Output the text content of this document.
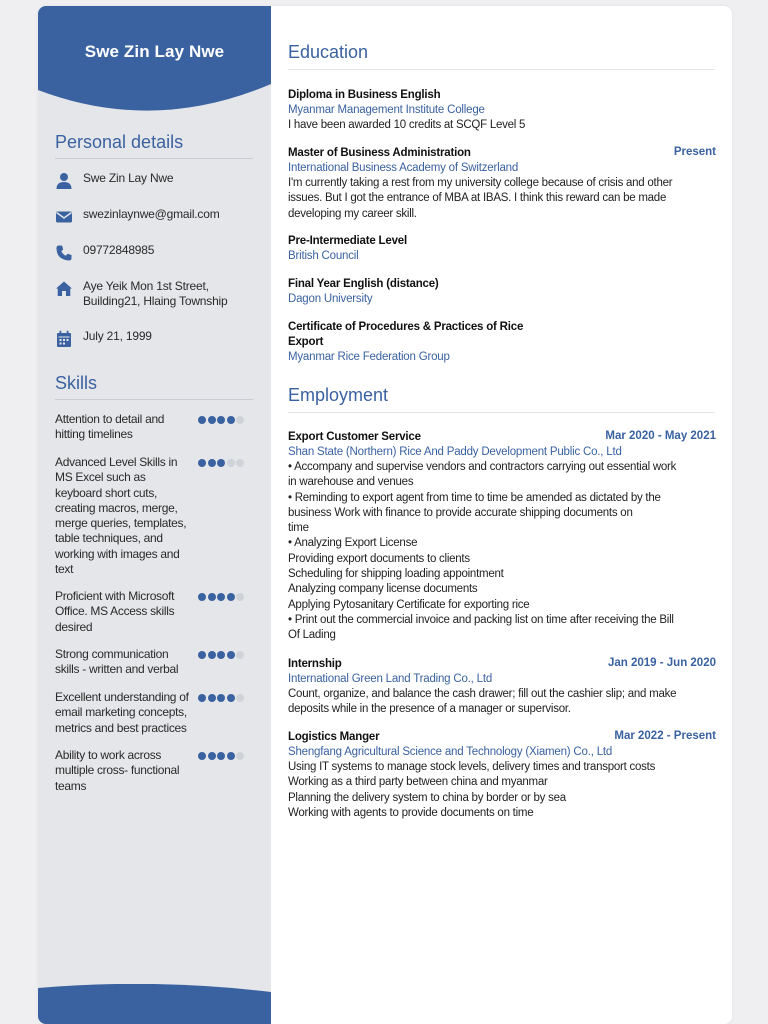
Swe Zin Lay Nwe
Personal details
Swe Zin Lay Nwe
swezinlaynwe@gmail.com
09772848985
Aye Yeik Mon 1st Street, Building21, Hlaing Township
July 21, 1999
Skills
Attention to detail and hitting timelines
Advanced Level Skills in MS Excel such as keyboard short cuts, creating macros, merge, merge queries, templates, table techniques, and working with images and text
Proficient with Microsoft Office. MS Access skills desired
Strong communication skills - written and verbal
Excellent understanding of email marketing concepts, metrics and best practices
Ability to work across multiple cross- functional teams
Education
Diploma in Business English
Myanmar Management Institute College
I have been awarded 10 credits at SCQF Level 5
Master of Business Administration	Present
International Business Academy of Switzerland
I'm currently taking a rest from my university college because of crisis and other
issues. But I got the entrance of MBA at IBAS. I think this reward can be made
developing my career skill.
Pre-Intermediate Level
British Council
Final Year English (distance)
Dagon University
Certificate of Procedures & Practices of Rice
Export
Myanmar Rice Federation Group
Employment
Export Customer Service	Mar 2020 - May 2021
Shan State (Northern) Rice And Paddy Development Public Co., Ltd
• Accompany and supervise vendors and contractors carrying out essential work
in warehouse and venues
• Reminding to export agent from time to time be amended as dictated by the
business Work with finance to provide accurate shipping documents on
time
• Analyzing Export License
Providing export documents to clients
Scheduling for shipping loading appointment
Analyzing company license documents
Applying Pytosanitary Certificate for exporting rice
• Print out the commercial invoice and packing list on time after receiving the Bill
Of Lading
Internship	Jan 2019 - Jun 2020
International Green Land Trading Co., Ltd
Count, organize, and balance the cash drawer; fill out the cashier slip; and make
deposits while in the presence of a manager or supervisor.
Logistics Manger	Mar 2022 - Present
Shengfang Agricultural Science and Technology (Xiamen) Co., Ltd
Using IT systems to manage stock levels, delivery times and transport costs
Working as a third party between china and myanmar
Planning the delivery system to china by border or by sea
Working with agents to provide documents on time
